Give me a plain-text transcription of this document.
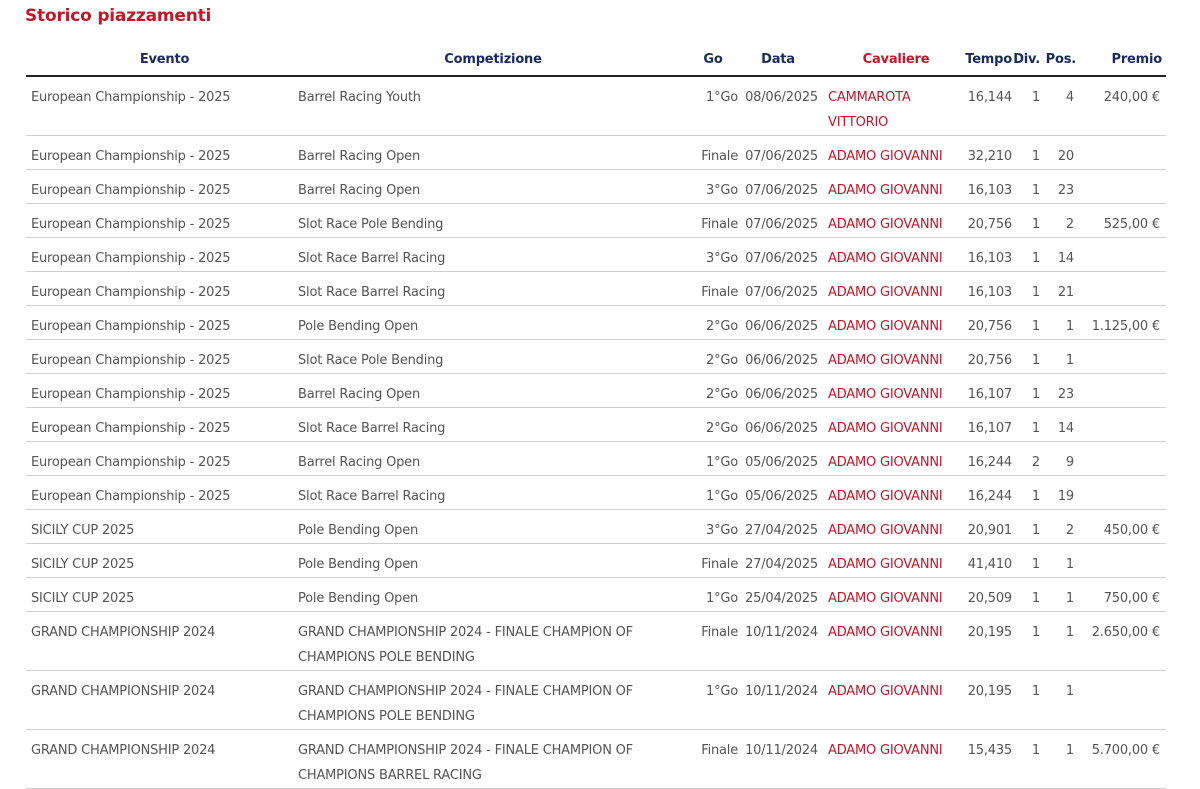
Storico piazzamenti
Evento	Competizione	Go	Data	Cavaliere	Tempo	Div.	Pos.	Premio
European Championship - 2025	Barrel Racing Youth	1°Go	08/06/2025	CAMMAROTA VITTORIO	16,144	1	4	240,00 €
European Championship - 2025	Barrel Racing Open	Finale	07/06/2025	ADAMO GIOVANNI	32,210	1	20	
European Championship - 2025	Barrel Racing Open	3°Go	07/06/2025	ADAMO GIOVANNI	16,103	1	23	
European Championship - 2025	Slot Race Pole Bending	Finale	07/06/2025	ADAMO GIOVANNI	20,756	1	2	525,00 €
European Championship - 2025	Slot Race Barrel Racing	3°Go	07/06/2025	ADAMO GIOVANNI	16,103	1	14	
European Championship - 2025	Slot Race Barrel Racing	Finale	07/06/2025	ADAMO GIOVANNI	16,103	1	21	
European Championship - 2025	Pole Bending Open	2°Go	06/06/2025	ADAMO GIOVANNI	20,756	1	1	1.125,00 €
European Championship - 2025	Slot Race Pole Bending	2°Go	06/06/2025	ADAMO GIOVANNI	20,756	1	1	
European Championship - 2025	Barrel Racing Open	2°Go	06/06/2025	ADAMO GIOVANNI	16,107	1	23	
European Championship - 2025	Slot Race Barrel Racing	2°Go	06/06/2025	ADAMO GIOVANNI	16,107	1	14	
European Championship - 2025	Barrel Racing Open	1°Go	05/06/2025	ADAMO GIOVANNI	16,244	2	9	
European Championship - 2025	Slot Race Barrel Racing	1°Go	05/06/2025	ADAMO GIOVANNI	16,244	1	19	
SICILY CUP 2025	Pole Bending Open	3°Go	27/04/2025	ADAMO GIOVANNI	20,901	1	2	450,00 €
SICILY CUP 2025	Pole Bending Open	Finale	27/04/2025	ADAMO GIOVANNI	41,410	1	1	
SICILY CUP 2025	Pole Bending Open	1°Go	25/04/2025	ADAMO GIOVANNI	20,509	1	1	750,00 €
GRAND CHAMPIONSHIP 2024	GRAND CHAMPIONSHIP 2024 - FINALE CHAMPION OF CHAMPIONS POLE BENDING	Finale	10/11/2024	ADAMO GIOVANNI	20,195	1	1	2.650,00 €
GRAND CHAMPIONSHIP 2024	GRAND CHAMPIONSHIP 2024 - FINALE CHAMPION OF CHAMPIONS POLE BENDING	1°Go	10/11/2024	ADAMO GIOVANNI	20,195	1	1	
GRAND CHAMPIONSHIP 2024	GRAND CHAMPIONSHIP 2024 - FINALE CHAMPION OF CHAMPIONS BARREL RACING	Finale	10/11/2024	ADAMO GIOVANNI	15,435	1	1	5.700,00 €
